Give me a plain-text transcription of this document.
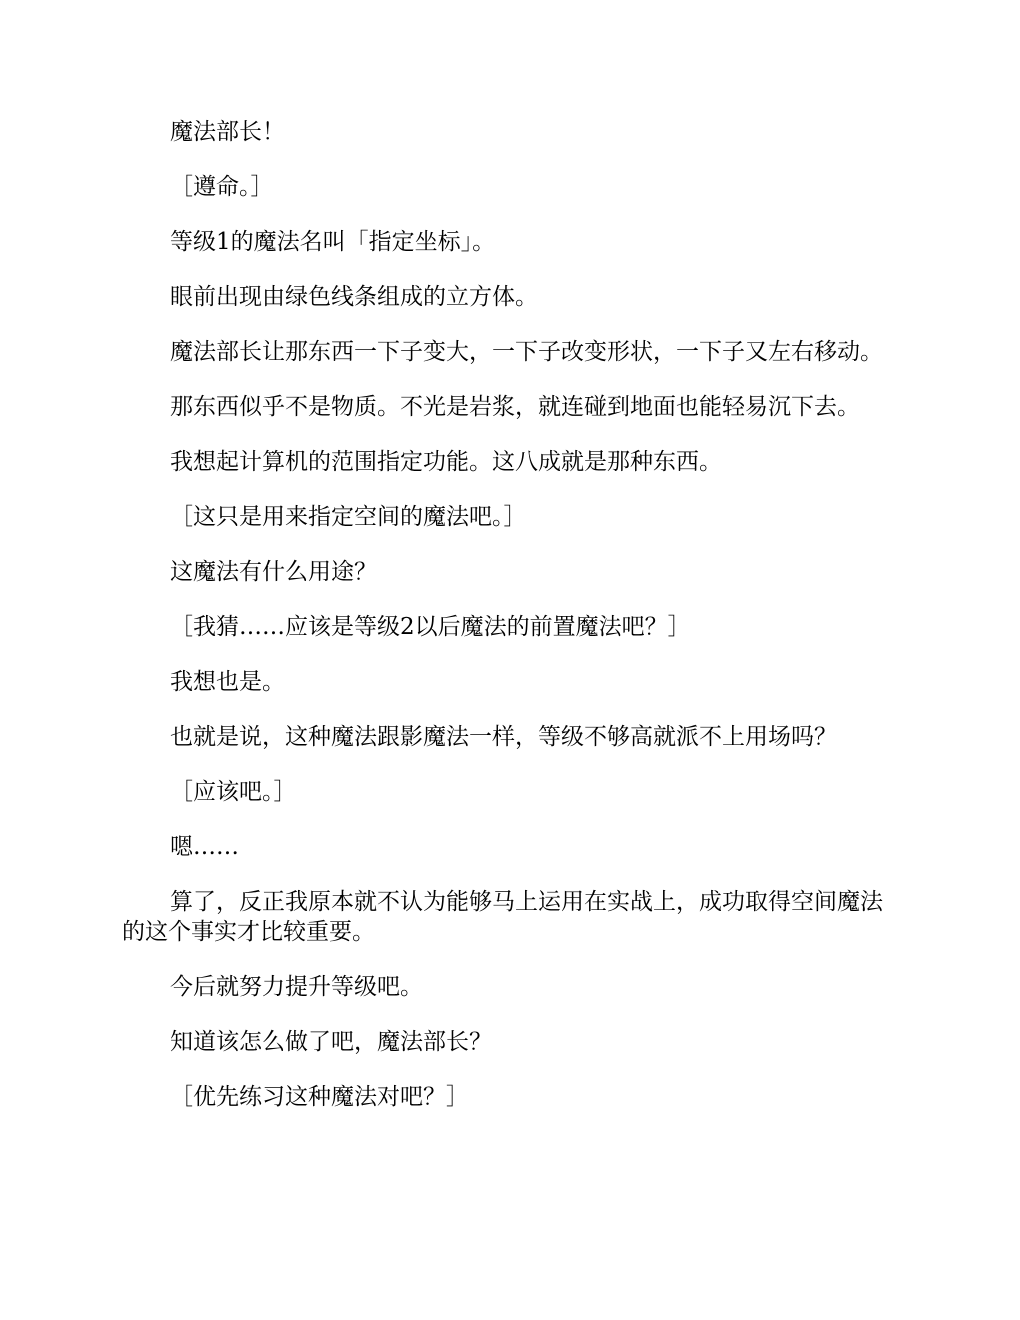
魔法部长！

［遵命。］

等级1的魔法名叫「指定坐标」。

眼前出现由绿色线条组成的立方体。

魔法部长让那东西一下子变大，一下子改变形状，一下子又左右移动。

那东西似乎不是物质。不光是岩浆，就连碰到地面也能轻易沉下去。

我想起计算机的范围指定功能。这八成就是那种东西。

［这只是用来指定空间的魔法吧。］

这魔法有什么用途？

［我猜……应该是等级2以后魔法的前置魔法吧？］

我想也是。

也就是说，这种魔法跟影魔法一样，等级不够高就派不上用场吗？

［应该吧。］

嗯……

算了，反正我原本就不认为能够马上运用在实战上，成功取得空间魔法的这个事实才比较重要。

今后就努力提升等级吧。

知道该怎么做了吧，魔法部长？

［优先练习这种魔法对吧？］
